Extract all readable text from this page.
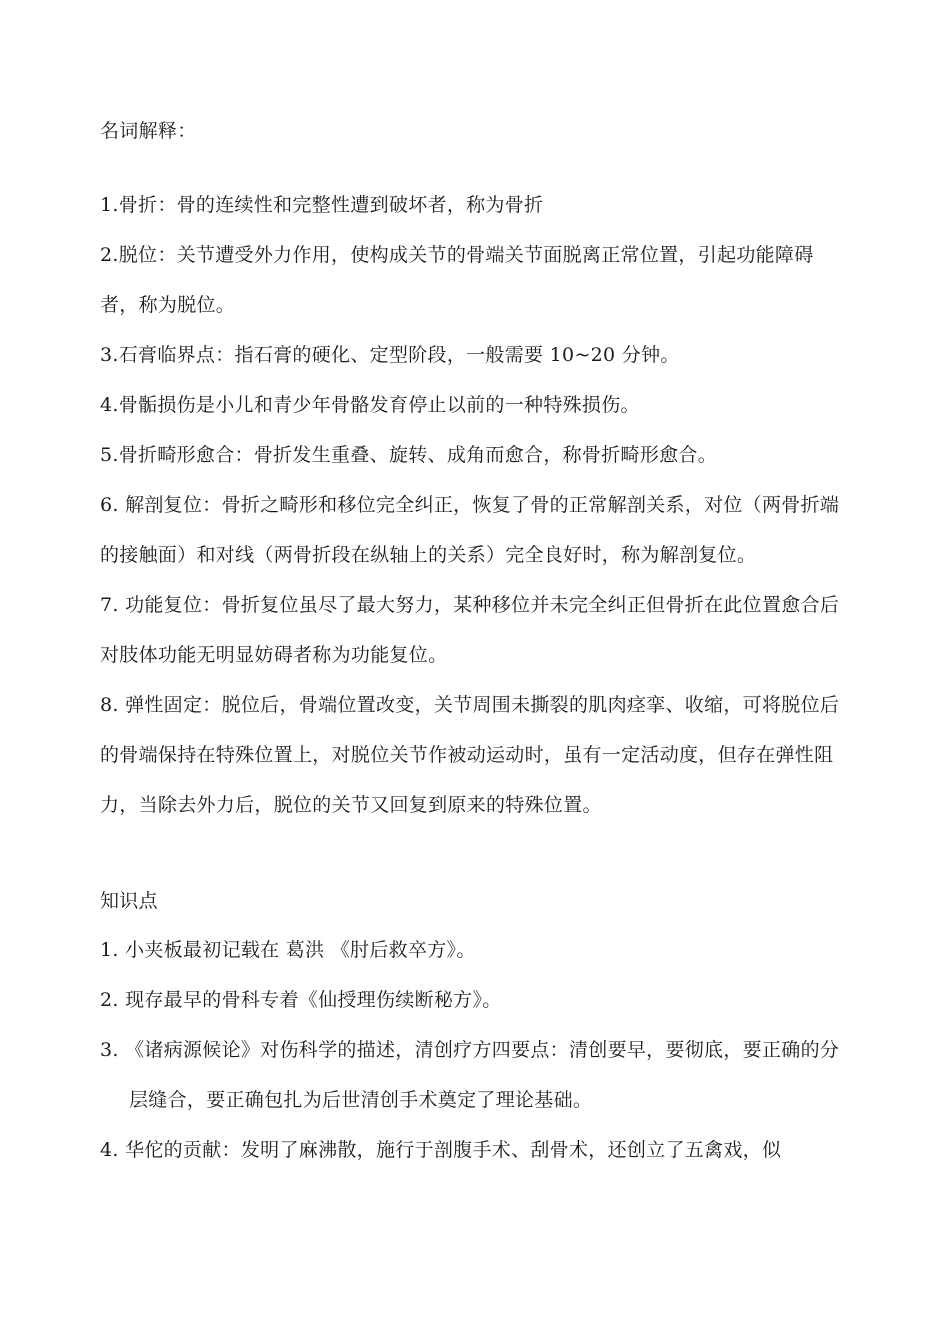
名词解释：

1.骨折：骨的连续性和完整性遭到破坏者，称为骨折

2.脱位：关节遭受外力作用，使构成关节的骨端关节面脱离正常位置，引起功能障碍者，称为脱位。

3.石膏临界点：指石膏的硬化、定型阶段，一般需要 10~20 分钟。

4.骨骺损伤是小儿和青少年骨骼发育停止以前的一种特殊损伤。

5.骨折畸形愈合：骨折发生重叠、旋转、成角而愈合，称骨折畸形愈合。

6. 解剖复位：骨折之畸形和移位完全纠正，恢复了骨的正常解剖关系，对位（两骨折端的接触面）和对线（两骨折段在纵轴上的关系）完全良好时，称为解剖复位。

7. 功能复位：骨折复位虽尽了最大努力，某种移位并未完全纠正但骨折在此位置愈合后对肢体功能无明显妨碍者称为功能复位。

8. 弹性固定：脱位后，骨端位置改变，关节周围未撕裂的肌肉痉挛、收缩，可将脱位后的骨端保持在特殊位置上，对脱位关节作被动运动时，虽有一定活动度，但存在弹性阻力，当除去外力后，脱位的关节又回复到原来的特殊位置。

知识点

1. 小夹板最初记载在 葛洪 《肘后救卒方》。

2. 现存最早的骨科专着《仙授理伤续断秘方》。

3. 《诸病源候论》对伤科学的描述，清创疗方四要点：清创要早，要彻底，要正确的分层缝合，要正确包扎为后世清创手术奠定了理论基础。

4. 华佗的贡献：发明了麻沸散，施行于剖腹手术、刮骨术，还创立了五禽戏，似
